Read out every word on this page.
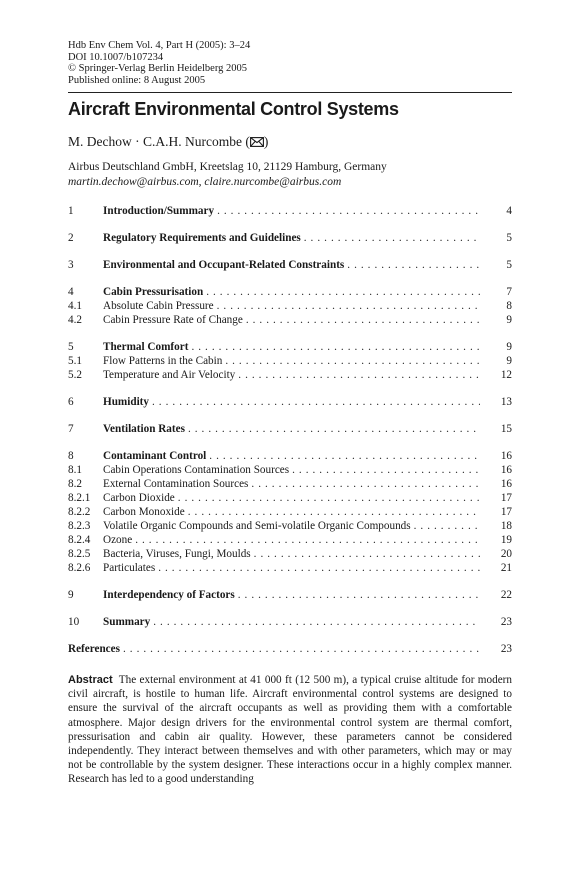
Hdb Env Chem Vol. 4, Part H (2005): 3–24
DOI 10.1007/b107234
© Springer-Verlag Berlin Heidelberg 2005
Published online: 8 August 2005
Aircraft Environmental Control Systems
M. Dechow · C.A.H. Nurcombe ( )
Airbus Deutschland GmbH, Kreetslag 10, 21129 Hamburg, Germany
martin.dechow@airbus.com, claire.nurcombe@airbus.com
1	Introduction/Summary . . .	4
2	Regulatory Requirements and Guidelines . . .	5
3	Environmental and Occupant-Related Constraints . . .	5
4	Cabin Pressurisation . . .	7
4.1 Absolute Cabin Pressure . . .	8
4.2 Cabin Pressure Rate of Change . . .	9
5	Thermal Comfort . . .	9
5.1 Flow Patterns in the Cabin . . .	9
5.2 Temperature and Air Velocity . . .	12
6	Humidity . . .	13
7	Ventilation Rates . . .	15
8	Contaminant Control . . .	16
8.1 Cabin Operations Contamination Sources . . .	16
8.2 External Contamination Sources . . .	16
8.2.1 Carbon Dioxide . . .	17
8.2.2 Carbon Monoxide . . .	17
8.2.3 Volatile Organic Compounds and Semi-volatile Organic Compounds . . .	18
8.2.4 Ozone . . .	19
8.2.5 Bacteria, Viruses, Fungi, Moulds . . .	20
8.2.6 Particulates . . .	21
9	Interdependency of Factors . . .	22
10 Summary . . .	23
References . . .	23
Abstract The external environment at 41 000 ft (12 500 m), a typical cruise altitude for modern civil aircraft, is hostile to human life. Aircraft environmental control systems are designed to ensure the survival of the aircraft occupants as well as providing them with a comfortable atmosphere. Major design drivers for the environmental control system are thermal comfort, pressurisation and cabin air quality. However, these parameters cannot be considered independently. They interact between themselves and with other parameters, which may or may not be controllable by the system designer. These interactions occur in a highly complex manner. Research has led to a good understanding
